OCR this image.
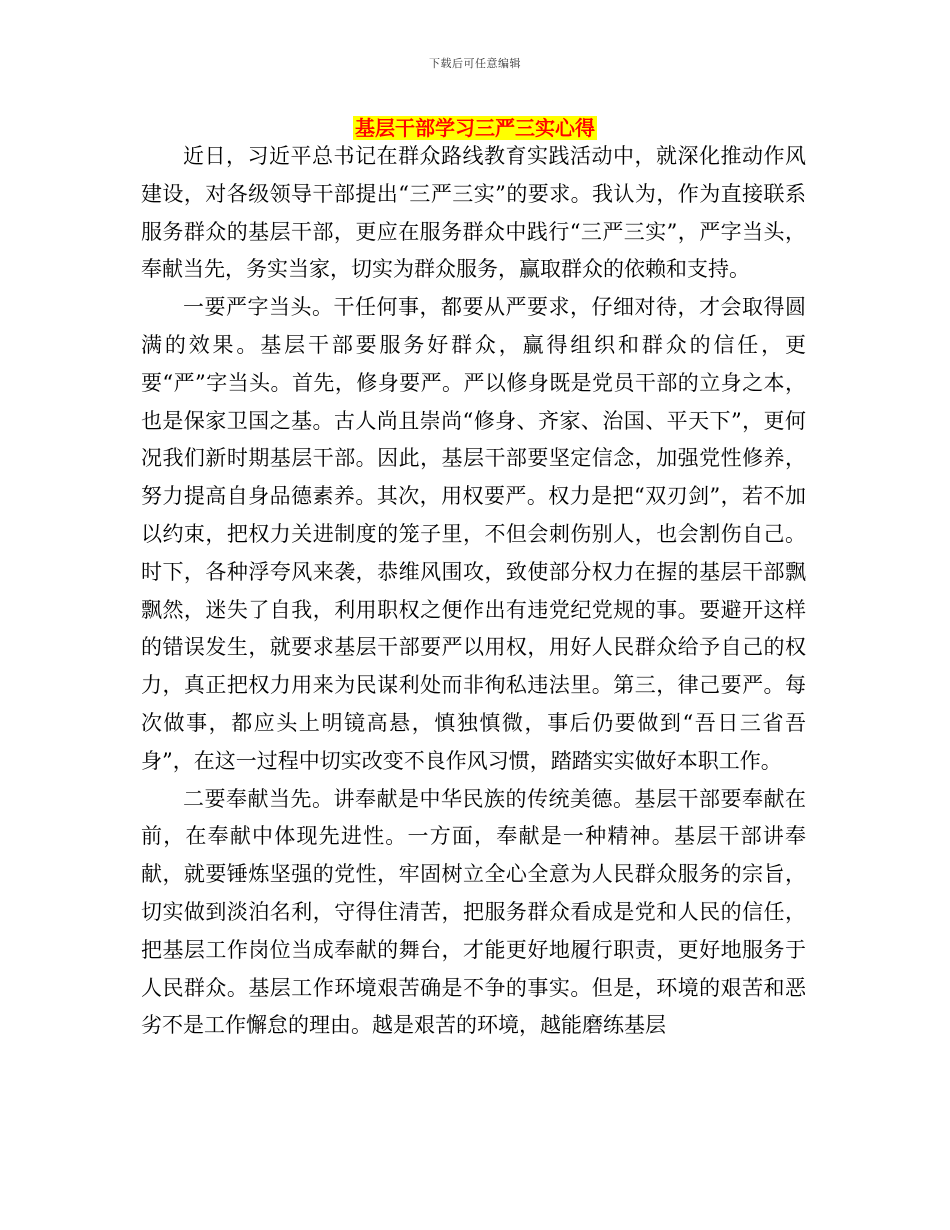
下载后可任意编辑
基层干部学习三严三实心得

近日，习近平总书记在群众路线教育实践活动中，就深化推动作风建设，对各级领导干部提出“三严三实”的要求。我认为，作为直接联系服务群众的基层干部，更应在服务群众中践行“三严三实”，严字当头，奉献当先，务实当家，切实为群众服务，赢取群众的依赖和支持。

一要严字当头。干任何事，都要从严要求，仔细对待，才会取得圆满的效果。基层干部要服务好群众，赢得组织和群众的信任，更要“严”字当头。首先，修身要严。严以修身既是党员干部的立身之本，也是保家卫国之基。古人尚且崇尚“修身、齐家、治国、平天下”，更何况我们新时期基层干部。因此，基层干部要坚定信念，加强党性修养，努力提高自身品德素养。其次，用权要严。权力是把“双刃剑”，若不加以约束，把权力关进制度的笼子里，不但会刺伤别人，也会割伤自己。时下，各种浮夸风来袭，恭维风围攻，致使部分权力在握的基层干部飘飘然，迷失了自我，利用职权之便作出有违党纪党规的事。要避开这样的错误发生，就要求基层干部要严以用权，用好人民群众给予自己的权力，真正把权力用来为民谋利处而非徇私违法里。第三，律己要严。每次做事，都应头上明镜高悬，慎独慎微，事后仍要做到“吾日三省吾身”，在这一过程中切实改变不良作风习惯，踏踏实实做好本职工作。

二要奉献当先。讲奉献是中华民族的传统美德。基层干部要奉献在前，在奉献中体现先进性。一方面，奉献是一种精神。基层干部讲奉献，就要锤炼坚强的党性，牢固树立全心全意为人民群众服务的宗旨，切实做到淡泊名利，守得住清苦，把服务群众看成是党和人民的信任，把基层工作岗位当成奉献的舞台，才能更好地履行职责，更好地服务于人民群众。基层工作环境艰苦确是不争的事实。但是，环境的艰苦和恶劣不是工作懈怠的理由。越是艰苦的环境，越能磨练基层
